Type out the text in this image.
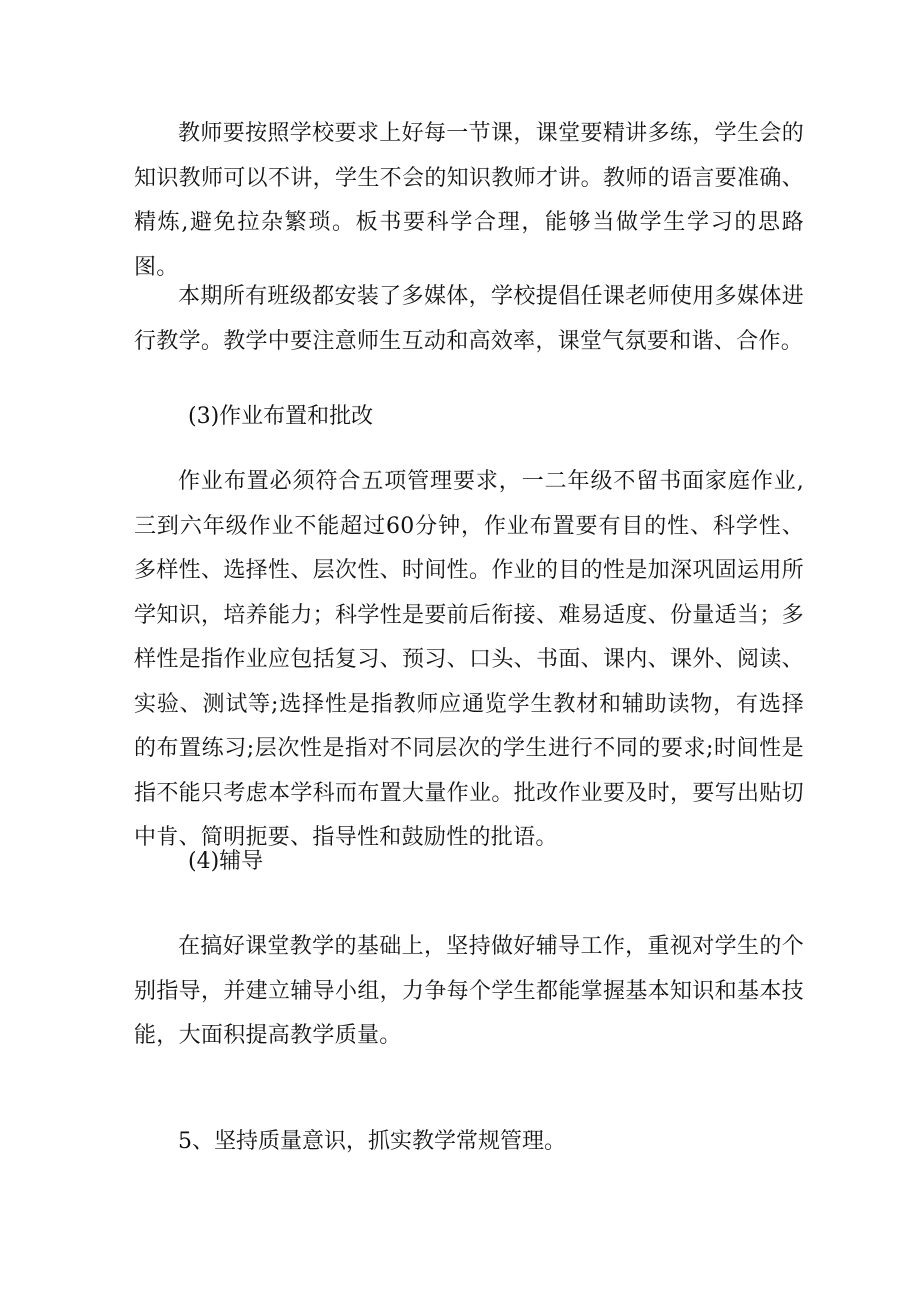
教师要按照学校要求上好每一节课，课堂要精讲多练，学生会的知识教师可以不讲，学生不会的知识教师才讲。教师的语言要准确、精炼,避免拉杂繁琐。板书要科学合理，能够当做学生学习的思路图。

本期所有班级都安装了多媒体，学校提倡任课老师使用多媒体进行教学。教学中要注意师生互动和高效率，课堂气氛要和谐、合作。

(3)作业布置和批改

作业布置必须符合五项管理要求，一二年级不留书面家庭作业,三到六年级作业不能超过60分钟，作业布置要有目的性、科学性、多样性、选择性、层次性、时间性。作业的目的性是加深巩固运用所学知识，培养能力；科学性是要前后衔接、难易适度、份量适当；多样性是指作业应包括复习、预习、口头、书面、课内、课外、阅读、实验、测试等;选择性是指教师应通览学生教材和辅助读物，有选择的布置练习;层次性是指对不同层次的学生进行不同的要求;时间性是指不能只考虑本学科而布置大量作业。批改作业要及时，要写出贴切中肯、简明扼要、指导性和鼓励性的批语。

(4)辅导

在搞好课堂教学的基础上，坚持做好辅导工作，重视对学生的个别指导，并建立辅导小组，力争每个学生都能掌握基本知识和基本技能，大面积提高教学质量。

5、坚持质量意识，抓实教学常规管理。
